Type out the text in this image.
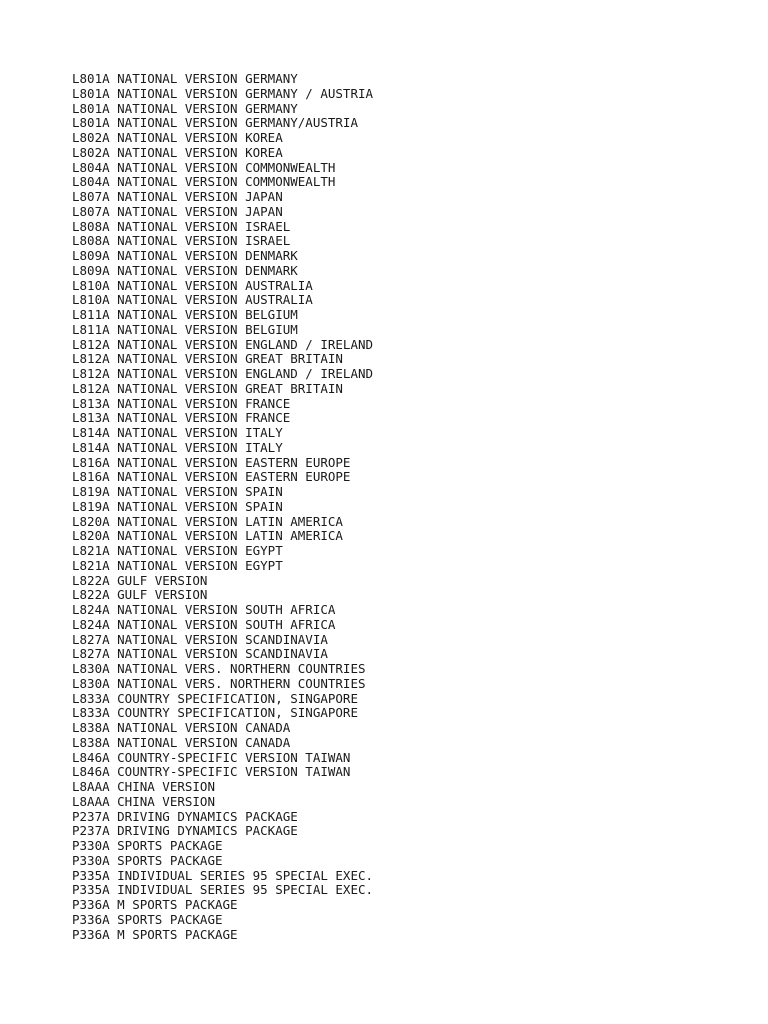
L801A NATIONAL VERSION GERMANY
L801A NATIONAL VERSION GERMANY / AUSTRIA
L801A NATIONAL VERSION GERMANY
L801A NATIONAL VERSION GERMANY/AUSTRIA
L802A NATIONAL VERSION KOREA
L802A NATIONAL VERSION KOREA
L804A NATIONAL VERSION COMMONWEALTH
L804A NATIONAL VERSION COMMONWEALTH
L807A NATIONAL VERSION JAPAN
L807A NATIONAL VERSION JAPAN
L808A NATIONAL VERSION ISRAEL
L808A NATIONAL VERSION ISRAEL
L809A NATIONAL VERSION DENMARK
L809A NATIONAL VERSION DENMARK
L810A NATIONAL VERSION AUSTRALIA
L810A NATIONAL VERSION AUSTRALIA
L811A NATIONAL VERSION BELGIUM
L811A NATIONAL VERSION BELGIUM
L812A NATIONAL VERSION ENGLAND / IRELAND
L812A NATIONAL VERSION GREAT BRITAIN
L812A NATIONAL VERSION ENGLAND / IRELAND
L812A NATIONAL VERSION GREAT BRITAIN
L813A NATIONAL VERSION FRANCE
L813A NATIONAL VERSION FRANCE
L814A NATIONAL VERSION ITALY
L814A NATIONAL VERSION ITALY
L816A NATIONAL VERSION EASTERN EUROPE
L816A NATIONAL VERSION EASTERN EUROPE
L819A NATIONAL VERSION SPAIN
L819A NATIONAL VERSION SPAIN
L820A NATIONAL VERSION LATIN AMERICA
L820A NATIONAL VERSION LATIN AMERICA
L821A NATIONAL VERSION EGYPT
L821A NATIONAL VERSION EGYPT
L822A GULF VERSION
L822A GULF VERSION
L824A NATIONAL VERSION SOUTH AFRICA
L824A NATIONAL VERSION SOUTH AFRICA
L827A NATIONAL VERSION SCANDINAVIA
L827A NATIONAL VERSION SCANDINAVIA
L830A NATIONAL VERS. NORTHERN COUNTRIES
L830A NATIONAL VERS. NORTHERN COUNTRIES
L833A COUNTRY SPECIFICATION, SINGAPORE
L833A COUNTRY SPECIFICATION, SINGAPORE
L838A NATIONAL VERSION CANADA
L838A NATIONAL VERSION CANADA
L846A COUNTRY-SPECIFIC VERSION TAIWAN
L846A COUNTRY-SPECIFIC VERSION TAIWAN
L8AAA CHINA VERSION
L8AAA CHINA VERSION
P237A DRIVING DYNAMICS PACKAGE
P237A DRIVING DYNAMICS PACKAGE
P330A SPORTS PACKAGE
P330A SPORTS PACKAGE
P335A INDIVIDUAL SERIES 95 SPECIAL EXEC.
P335A INDIVIDUAL SERIES 95 SPECIAL EXEC.
P336A M SPORTS PACKAGE
P336A SPORTS PACKAGE
P336A M SPORTS PACKAGE
